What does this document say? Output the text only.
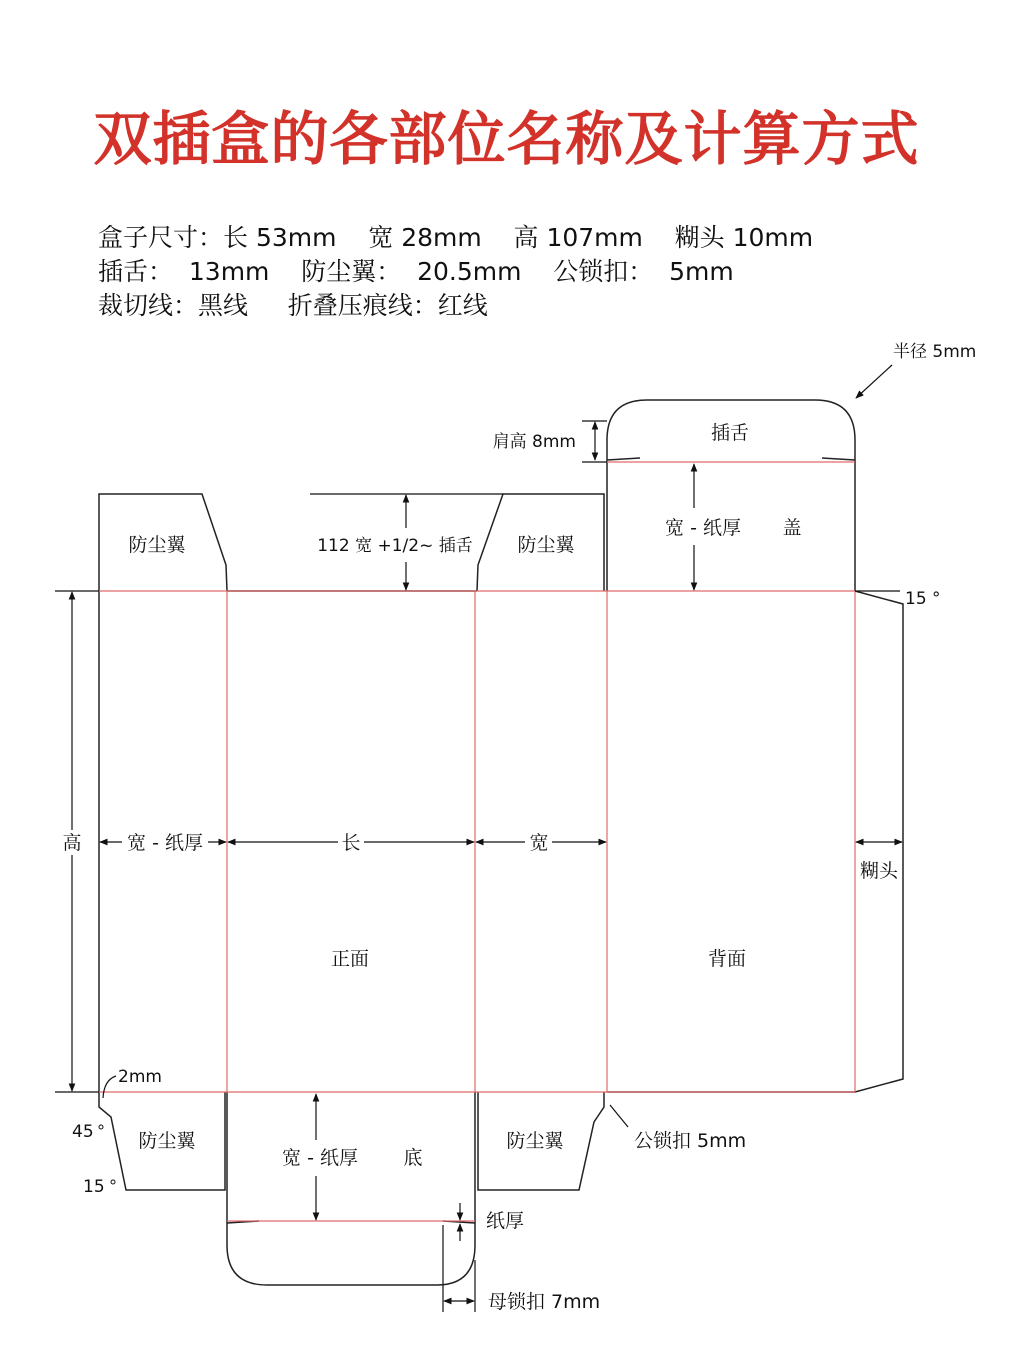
双插盒的各部位名称及计算方式
盒子尺寸：长 53mm    宽 28mm    高 107mm    糊头 10mm
插舌：  13mm    防尘翼：  20.5mm    公锁扣：  5mm
裁切线：黑线     折叠压痕线：红线
半径 5mm
插舌
肩高 8mm
防尘翼	防尘翼
112 宽 +1/2~ 插舌
宽 - 纸厚 盖
15 °
高 宽 - 纸厚	长	宽
糊头
正面	背面
2mm
45
15
防尘翼	防尘翼
宽 - 纸厚 底
公锁扣 5mm
纸厚
母锁扣 7mm
